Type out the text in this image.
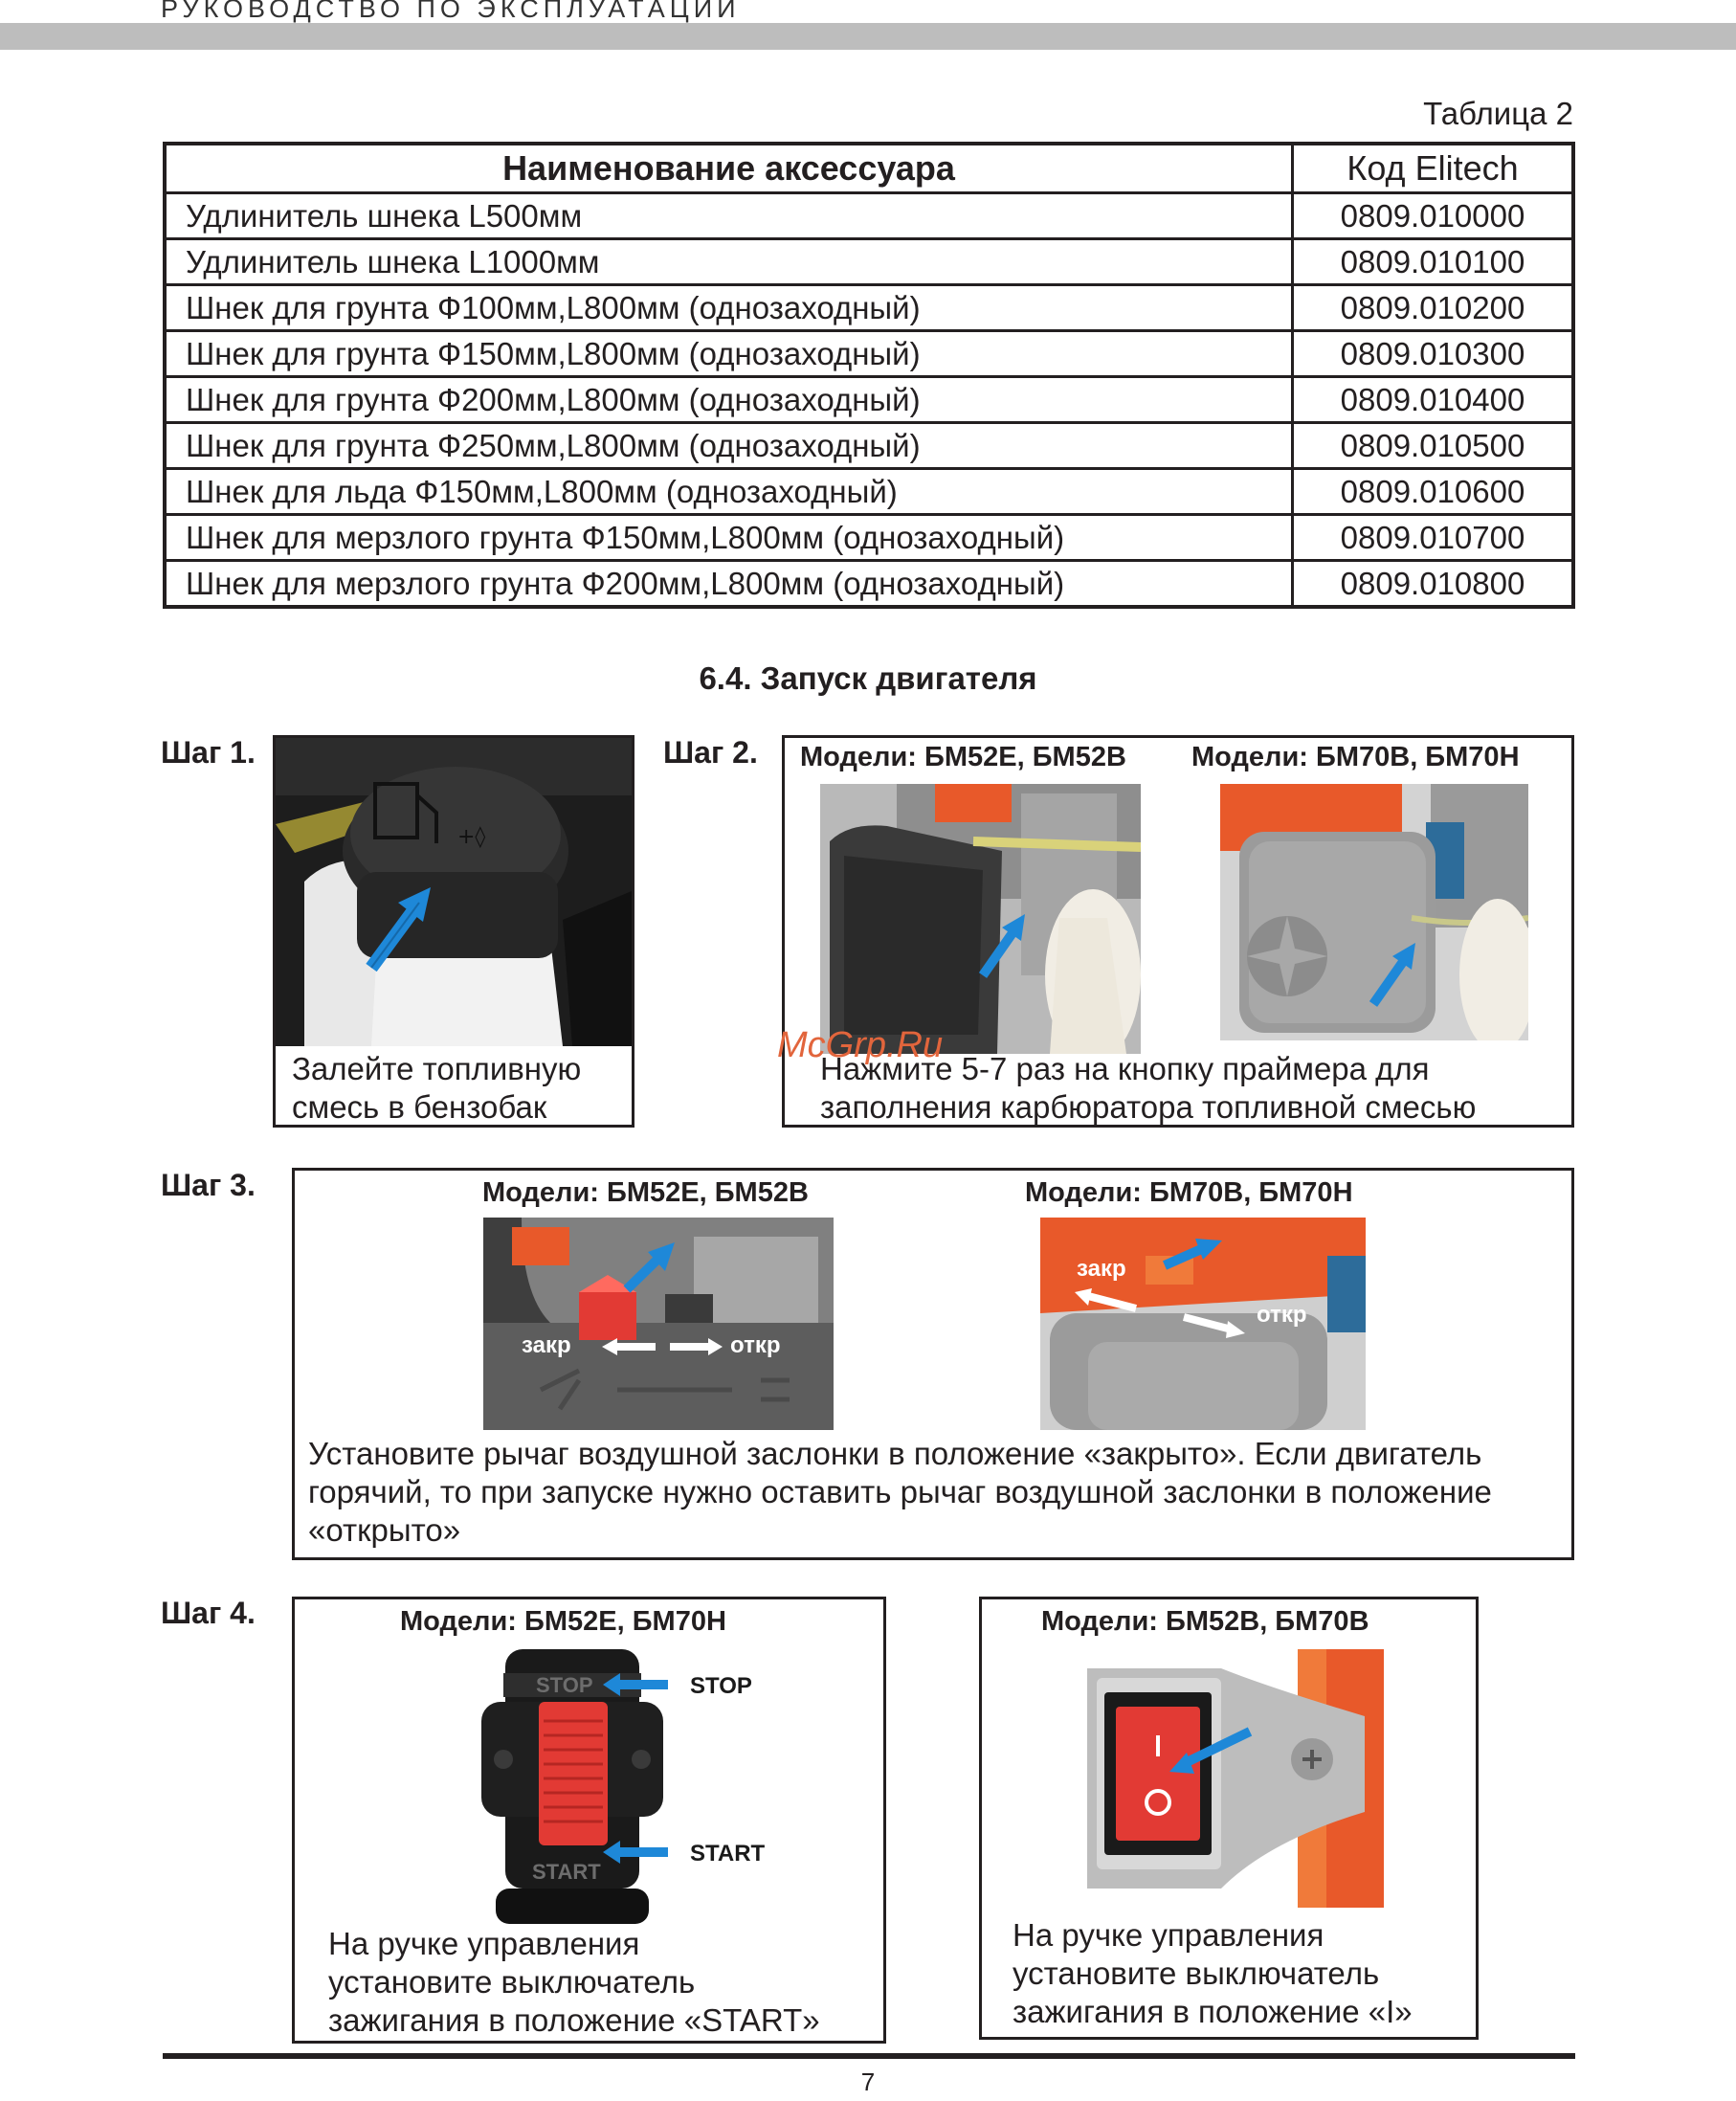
РУКОВОДСТВО ПО ЭКСПЛУАТАЦИИ
Таблица 2
Наименование аксессуара	Код Elitech
Удлинитель шнека L500мм	0809.010000
Удлинитель шнека L1000мм	0809.010100
Шнек для грунта Ф100мм,L800мм (однозаходный)	0809.010200
Шнек для грунта Ф150мм,L800мм (однозаходный)	0809.010300
Шнек для грунта Ф200мм,L800мм (однозаходный)	0809.010400
Шнек для грунта Ф250мм,L800мм (однозаходный)	0809.010500
Шнек для льда Ф150мм,L800мм (однозаходный)	0809.010600
Шнек для мерзлого грунта Ф150мм,L800мм (однозаходный)	0809.010700
Шнек для мерзлого грунта Ф200мм,L800мм (однозаходный)	0809.010800
6.4. Запуск двигателя
Шаг 1.
+◊
Залейте топливную
смесь в бензобак
Шаг 2. Модели: БМ52Е, БМ52В Модели: БМ70В, БМ70Н
McGrp.Ru
Нажмите 5-7 раз на кнопку праймера для
заполнения карбюратора топливной смесью
Шаг 3.	Модели: БМ52Е, БМ52В	Модели: БМ70В, БМ70Н
закр	откр
закр
откр
Установите рычаг воздушной заслонки в положение «закрыто». Если двигатель
горячий, то при запуске нужно оставить рычаг воздушной заслонки в положение
«открыто»
Шаг 4.	Модели: БМ52Е, БМ70Н
STOP
START
STOP
START
На ручке управления
установите выключатель
зажигания в положение «START»
Модели: БМ52В, БМ70В
На ручке управления
установите выключатель
зажигания в положение «I»
7
